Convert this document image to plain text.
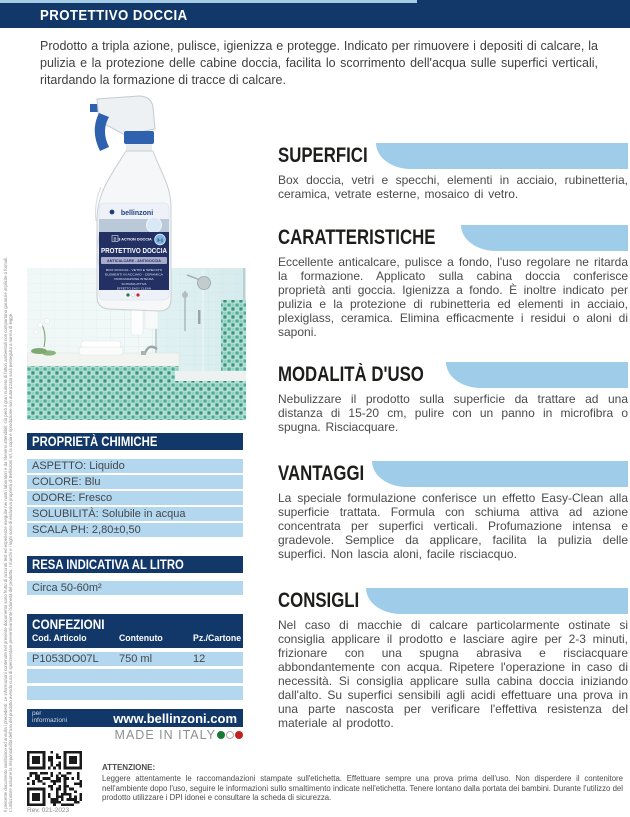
PROTETTIVO DOCCIA

Prodotto a tripla azione, pulisce, igienizza e protegge. Indicato per rimuovere i depositi di calcare, la pulizia e la protezione delle cabine doccia, facilita lo scorrimento dell'acqua sulle superfici verticali, ritardando la formazione di tracce di calcare.

bellinzoni
B 3 ACTION DOCCIA 3-1
PROTETTIVO DOCCIA
ANTICALCARE - ANTIGOCCIA
BOX DOCCIA - VETRI E SPECCHI
ELEMENTI IN ACCIAIO - CERAMICA
PROFUMAZIONE INTENSA
SCHIUMA ATTIVA
EFFETTO EASY CLEAN
SUPERFICI

Box doccia, vetri e specchi, elementi in acciaio, rubinetteria, ceramica, vetrate esterne, mosaico di vetro.

CARATTERISTICHE

Eccellente anticalcare, pulisce a fondo, l'uso regolare ne ritarda la formazione. Applicato sulla cabina doccia conferisce proprietà anti goccia. Igienizza a fondo. È inoltre indicato per pulizia e la protezione di rubinetteria ed elementi in acciaio, plexiglass, ceramica. Elimina efficacmente i residui o aloni di saponi.

MODALITÀ D'USO

Nebulizzare il prodotto sulla superficie da trattare ad una distanza di 15-20 cm, pulire con un panno in microfibra o spugna. Risciacquare.

VANTAGGI

La speciale formulazione conferisce un effetto Easy-Clean alla superficie trattata. Formula con schiuma attiva ad azione concentrata per superfici verticali. Profumazione intensa e gradevole. Semplice da applicare, facilita la pulizia delle superfici. Non lascia aloni, facile risciacquo.

CONSIGLI

Nel caso di macchie di calcare particolarmente ostinate si consiglia applicare il prodotto e lasciare agire per 2-3 minuti, frizionare con una spugna abrasiva e risciacquare abbondantemente con acqua. Ripetere l'operazione in caso di necessità. Si consiglia applicare sulla cabina doccia iniziando dall'alto. Su superfici sensibili agli acidi effettuare una prova in una parte nascosta per verificare l'effettiva resistenza del materiale al prodotto.

PROPRIETÀ CHIMICHE
ASPETTO: Liquido
COLORE: Blu
ODORE: Fresco
SOLUBILITÀ: Solubile in acqua
SCALA PH: 2,80±0,50
RESA INDICATIVA AL LITRO
Circa 50-60m²
CONFEZIONI
Cod. Articolo	Contenuto	Pz./Cartone
P1053DO07L 750 ml	12
per informazioni	www.bellinzoni.com
MADE IN ITALY
Rev. 021-2023
ATTENZIONE:
Leggere attentamente le raccomandazioni stampate sull'etichetta. Effettuare sempre una prova prima dell'uso. Non disperdere il contenitore nell'ambiente dopo l'uso, seguire le informazioni sullo smaltimento indicate nell'etichetta. Tenere lontano dalla portata dei bambini. Durante l'utilizzo del prodotto utilizzare i DPI idonei e consultare la scheda di sicurezza.
Il presente documento sostituisce ed annulla i precedenti. Le informazioni contenute nel presente documento sono frutto di accurati test ed esperienze eseguite nei nostri laboratori e da ritenersi attendibili; ciò però il gran numero di fattori ambientali non comportano garanzie implicite o formali. L'utilizzatore assume la responsabilità dell'uso del prodotto avendo cura di sperimentare preventivamente l'idoneità del prodotto. I marchi e i loghi sono di esclusiva proprietà di Bellinzoni srl, la copia e riproduzione non autorizzata sarà perseguita a norma di legge.
